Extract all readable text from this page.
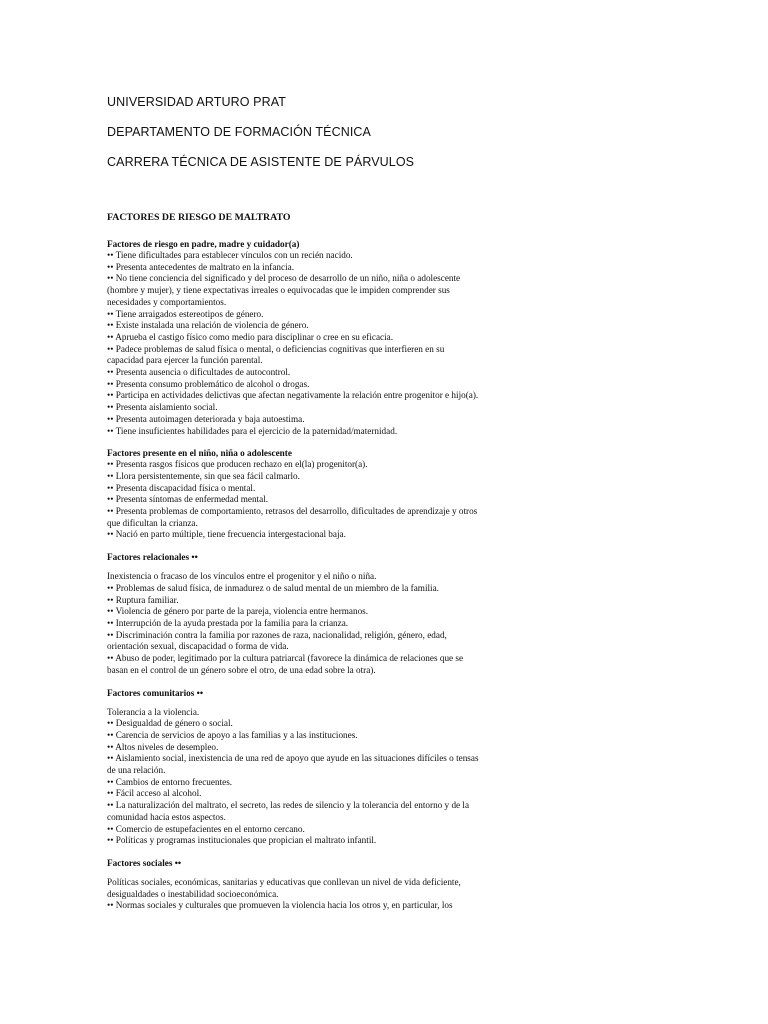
UNIVERSIDAD ARTURO PRAT
DEPARTAMENTO DE FORMACIÓN TÉCNICA
CARRERA TÉCNICA DE ASISTENTE DE PÁRVULOS
FACTORES DE RIESGO DE MALTRATO
Factores de riesgo en padre, madre y cuidador(a)

•• Tiene dificultades para establecer vínculos con un recién nacido.

•• Presenta antecedentes de maltrato en la infancia.

•• No tiene conciencia del significado y del proceso de desarrollo de un niño, niña o adolescente

(hombre y mujer), y tiene expectativas irreales o equivocadas que le impiden comprender sus

necesidades y comportamientos.

•• Tiene arraigados estereotipos de género.

•• Existe instalada una relación de violencia de género.

•• Aprueba el castigo físico como medio para disciplinar o cree en su eficacia.

•• Padece problemas de salud física o mental, o deficiencias cognitivas que interfieren en su

capacidad para ejercer la función parental.

•• Presenta ausencia o dificultades de autocontrol.

•• Presenta consumo problemático de alcohol o drogas.

•• Participa en actividades delictivas que afectan negativamente la relación entre progenitor e hijo(a).

•• Presenta aislamiento social.

•• Presenta autoimagen deteriorada y baja autoestima.

•• Tiene insuficientes habilidades para el ejercicio de la paternidad/maternidad.

Factores presente en el niño, niña o adolescente

•• Presenta rasgos físicos que producen rechazo en el(la) progenitor(a).

•• Llora persistentemente, sin que sea fácil calmarlo.

•• Presenta discapacidad física o mental.

•• Presenta síntomas de enfermedad mental.

•• Presenta problemas de comportamiento, retrasos del desarrollo, dificultades de aprendizaje y otros

que dificultan la crianza.

•• Nació en parto múltiple, tiene frecuencia intergestacional baja.

Factores relacionales ••

Inexistencia o fracaso de los vínculos entre el progenitor y el niño o niña.

•• Problemas de salud física, de inmadurez o de salud mental de un miembro de la familia.

•• Ruptura familiar.

•• Violencia de género por parte de la pareja, violencia entre hermanos.

•• Interrupción de la ayuda prestada por la familia para la crianza.

•• Discriminación contra la familia por razones de raza, nacionalidad, religión, género, edad,

orientación sexual, discapacidad o forma de vida.

•• Abuso de poder, legitimado por la cultura patriarcal (favorece la dinámica de relaciones que se

basan en el control de un género sobre el otro, de una edad sobre la otra).

Factores comunitarios ••

Tolerancia a la violencia.

•• Desigualdad de género o social.

•• Carencia de servicios de apoyo a las familias y a las instituciones.

•• Altos niveles de desempleo.

•• Aislamiento social, inexistencia de una red de apoyo que ayude en las situaciones difíciles o tensas

de una relación.

•• Cambios de entorno frecuentes.

•• Fácil acceso al alcohol.

•• La naturalización del maltrato, el secreto, las redes de silencio y la tolerancia del entorno y de la

comunidad hacia estos aspectos.

•• Comercio de estupefacientes en el entorno cercano.

•• Políticas y programas institucionales que propician el maltrato infantil.

Factores sociales ••

Políticas sociales, económicas, sanitarias y educativas que conllevan un nivel de vida deficiente,

desigualdades o inestabilidad socioeconómica.

•• Normas sociales y culturales que promueven la violencia hacia los otros y, en particular, los
